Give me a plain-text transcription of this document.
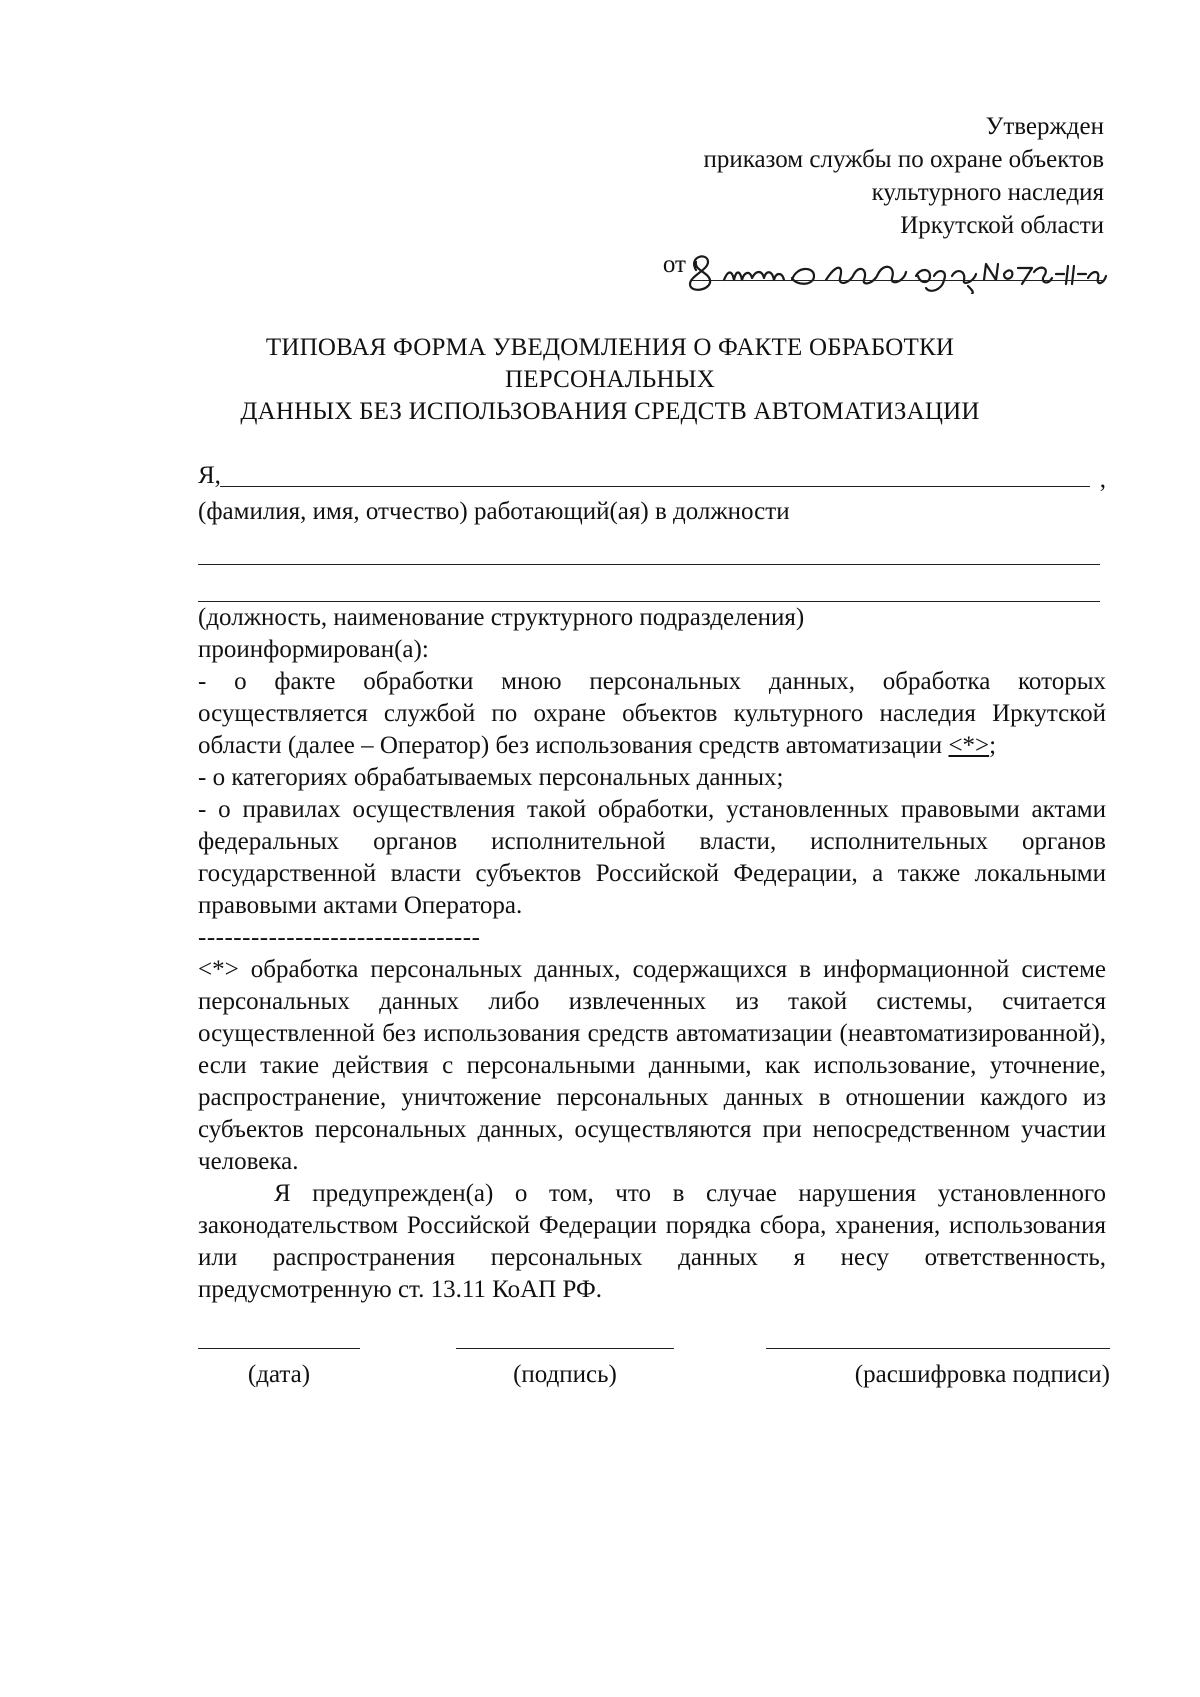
Утвержден
приказом службы по охране объектов
культурного наследия
Иркутской области
от
ТИПОВАЯ ФОРМА УВЕДОМЛЕНИЯ О ФАКТЕ ОБРАБОТКИ
ПЕРСОНАЛЬНЫХ
ДАННЫХ БЕЗ ИСПОЛЬЗОВАНИЯ СРЕДСТВ АВТОМАТИЗАЦИИ
Я,	,
(фамилия, имя, отчество) работающий(ая) в должности
(должность, наименование структурного подразделения)
проинформирован(а):
- о факте обработки мною персональных данных, обработка которых осуществляется службой по охране объектов культурного наследия Иркутской области (далее – Оператор) без использования средств автоматизации <*>;
- о категориях обрабатываемых персональных данных;
- о правилах осуществления такой обработки, установленных правовыми актами федеральных органов исполнительной власти, исполнительных органов государственной власти субъектов Российской Федерации, а также локальными правовыми актами Оператора.
--------------------------------
<*> обработка персональных данных, содержащихся в информационной системе персональных данных либо извлеченных из такой системы, считается осуществленной без использования средств автоматизации (неавтоматизированной), если такие действия с персональными данными, как использование, уточнение, распространение, уничтожение персональных данных в отношении каждого из субъектов персональных данных, осуществляются при непосредственном участии человека.
Я предупрежден(а) о том, что в случае нарушения установленного законодательством Российской Федерации порядка сбора, хранения, использования или распространения персональных данных я несу ответственность, предусмотренную ст. 13.11 КоАП РФ.
(дата)	(подпись)	(расшифровка подписи)
